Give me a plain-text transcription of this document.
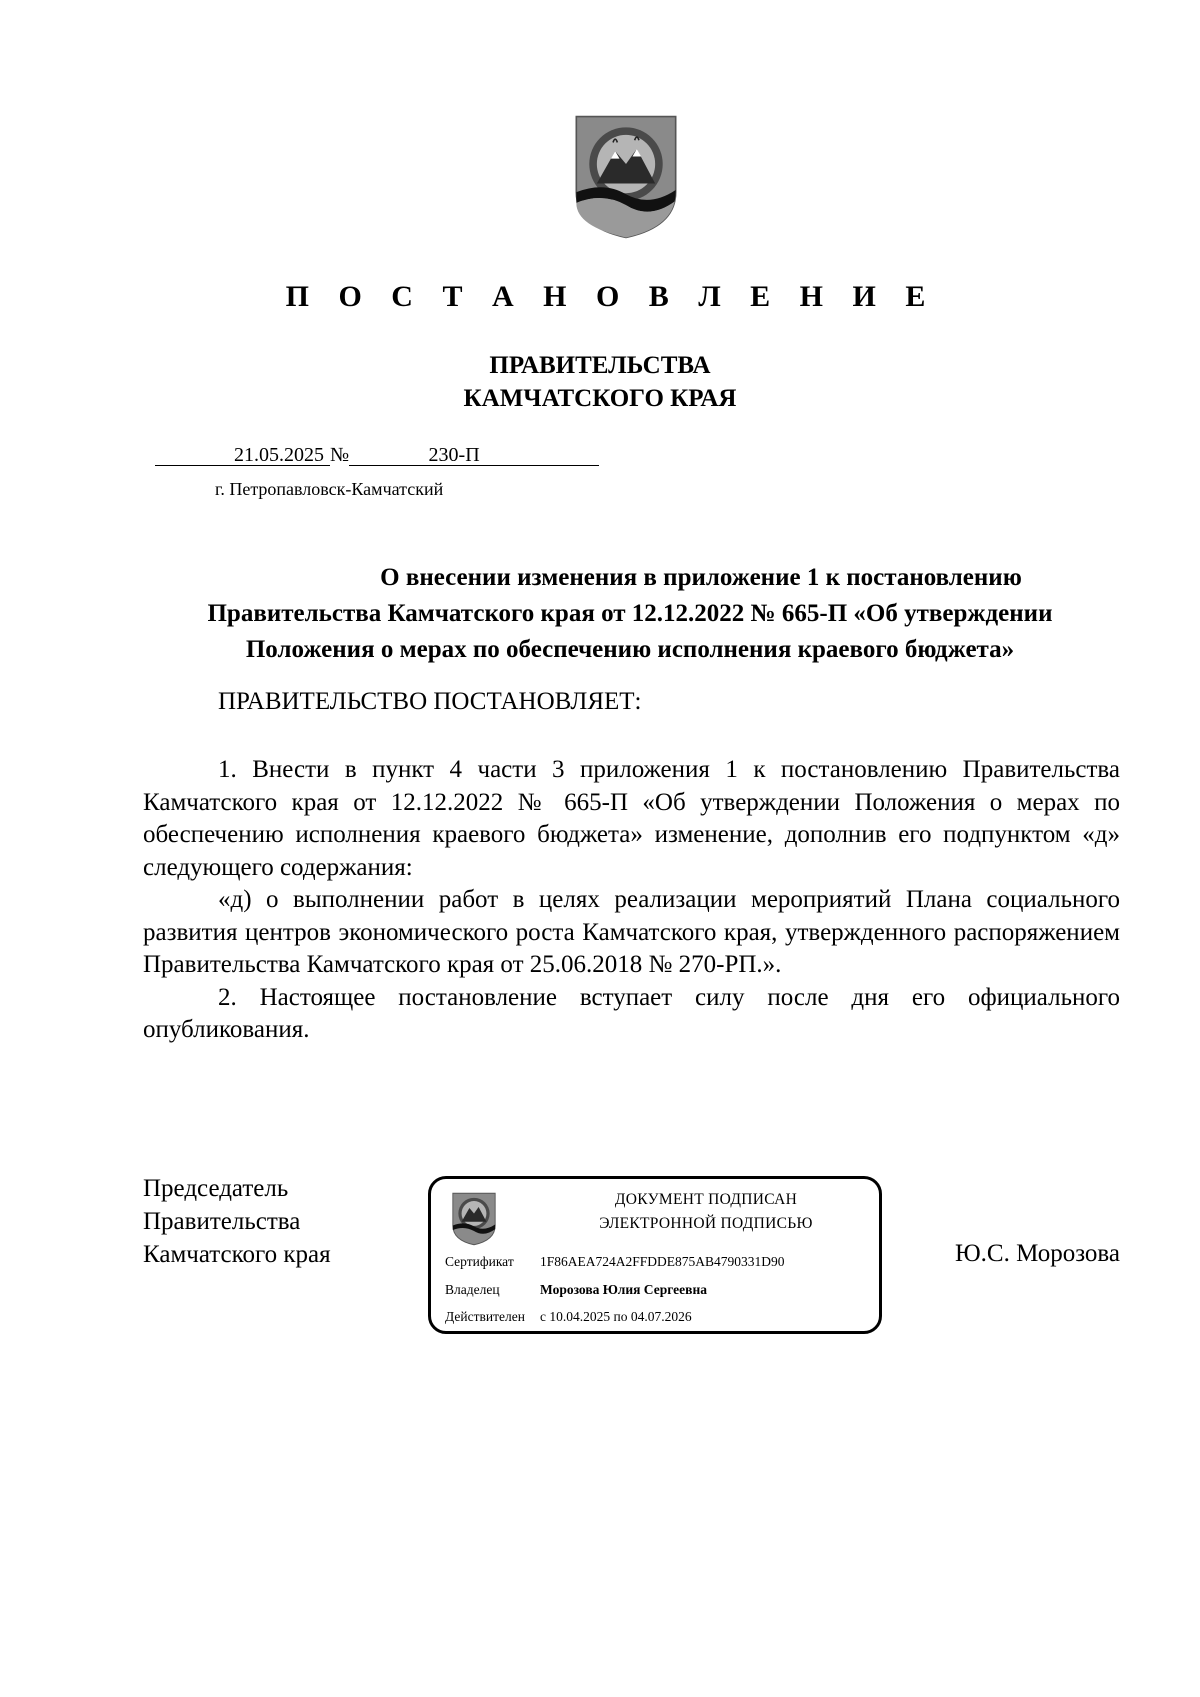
П О С Т А Н О В Л Е Н И Е
ПРАВИТЕЛЬСТВА
КАМЧАТСКОГО КРАЯ
21.05.2025 №	230-П
г. Петропавловск-Камчатский
О внесении изменения в приложение 1 к постановлению
Правительства Камчатского края от 12.12.2022 № 665-П «Об утверждении
Положения о мерах по обеспечению исполнения краевого бюджета»
ПРАВИТЕЛЬСТВО ПОСТАНОВЛЯЕТ:

1. Внести в пункт 4 части 3 приложения 1 к постановлению Правительства Камчатского края от 12.12.2022 № 665-П «Об утверждении Положения о мерах по обеспечению исполнения краевого бюджета» изменение, дополнив его подпунктом «д» следующего содержания:

«д) о выполнении работ в целях реализации мероприятий Плана социального развития центров экономического роста Камчатского края, утвержденного распоряжением Правительства Камчатского края от 25.06.2018 № 270-РП.».

2. Настоящее постановление вступает силу после дня его официального опубликования.

Председатель
Правительства
Камчатского края
ДОКУМЕНТ ПОДПИСАН
ЭЛЕКТРОННОЙ ПОДПИСЬЮ
Сертификат 1F86AEA724A2FFDDE875AB4790331D90
Владелец	Морозова Юлия Сергеевна
Действителен с 10.04.2025 по 04.07.2026
Ю.С. Морозова
